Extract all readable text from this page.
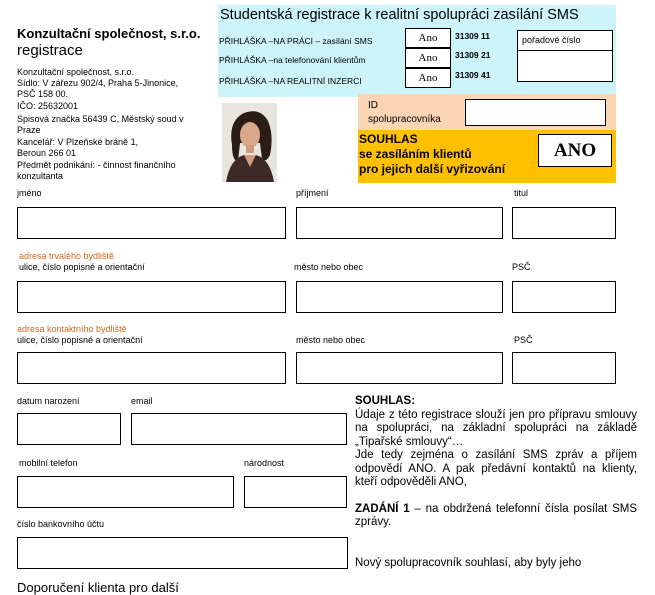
Konzultační společnost, s.r.o.
registrace
Konzultační společnost, s.r.o.
Sídlo: V zářezu 902/4, Praha 5-Jinonice,
PSČ 158 00.
IČO: 25632001
Spisová značka 56439 C, Městský soud v
Praze
Kancelář: V Plzeňské bráně 1,
Beroun 266 01
Předmět podnikání: - činnost finančního
konzultanta
Studentská registrace k realitní spolupráci zasílání SMS
PŘIHLÁŠKA –NA PRÁCI – zasílání SMS	Ano	31309 11
PŘIHLÁŠKA –na telefonování klientům	Ano	31309 21
PŘIHLÁŠKA –NA REALITNÍ INZERCI	Ano	31309 41
pořadové číslo
ID
spolupracovníka
SOUHLAS
se zasíláním klientů
pro jejich další vyřizování
ANO
jméno	příjmení	titul
adresa trvalého bydliště
ulice, číslo popisné a orientační	město nebo obec	PSČ
adresa kontaktního bydliště
ulice, číslo popisné a orientační	město nebo obec	PSČ
datum narození	email
mobilní telefon	národnost
číslo bankovního účtu

SOUHLAS:

Údaje z této registrace slouží jen pro přípravu smlouvy na spolupráci, na základní spolupráci na základě „Tipařské smlouvy“…

Jde tedy zejména o zasílání SMS zpráv a příjem odpovědí ANO. A pak předávní kontaktů na klienty, kteří odpověděli ANO,

ZADÁNÍ 1 – na obdržená telefonní čísla posílat SMS zprávy.

Nový spolupracovník souhlasí, aby byly jeho

Doporučení klienta pro další
